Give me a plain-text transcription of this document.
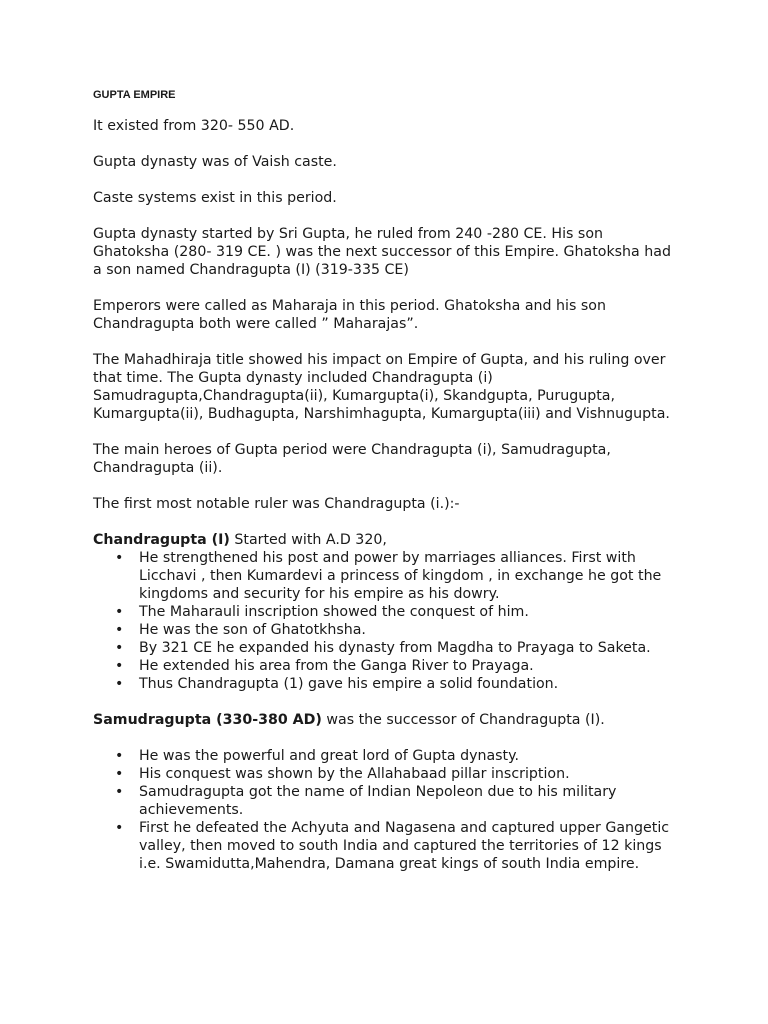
GUPTA EMPIRE

It existed from 320- 550 AD.

Gupta dynasty was of Vaish caste.

Caste systems exist in this period.

Gupta dynasty started by Sri Gupta, he ruled from 240 -280 CE. His son Ghatoksha (280- 319 CE. ) was the next successor of this Empire. Ghatoksha had a son named Chandragupta (I) (319-335 CE)

Emperors were called as Maharaja in this period. Ghatoksha and his son Chandragupta both were called ” Maharajas”.

The Mahadhiraja title showed his impact on Empire of Gupta, and his ruling over that time. The Gupta dynasty included Chandragupta (i) Samudragupta,Chandragupta(ii), Kumargupta(i), Skandgupta, Purugupta, Kumargupta(ii), Budhagupta, Narshimhagupta, Kumargupta(iii) and Vishnugupta.

The main heroes of Gupta period were Chandragupta (i), Samudragupta, Chandragupta (ii).

The first most notable ruler was Chandragupta (i.):-

Chandragupta (I) Started with A.D 320,

• He strengthened his post and power by marriages alliances. First with Licchavi , then Kumardevi a princess of kingdom , in exchange he got the kingdoms and security for his empire as his dowry.
• The Maharauli inscription showed the conquest of him.
• He was the son of Ghatotkhsha.
• By 321 CE he expanded his dynasty from Magdha to Prayaga to Saketa.
• He extended his area from the Ganga River to Prayaga.
• Thus Chandragupta (1) gave his empire a solid foundation.

Samudragupta (330-380 AD) was the successor of Chandragupta (I).

• He was the powerful and great lord of Gupta dynasty.
• His conquest was shown by the Allahabaad pillar inscription.
• Samudragupta got the name of Indian Nepoleon due to his military achievements.
• First he defeated the Achyuta and Nagasena and captured upper Gangetic valley, then moved to south India and captured the territories of 12 kings i.e. Swamidutta,Mahendra, Damana great kings of south India empire.
